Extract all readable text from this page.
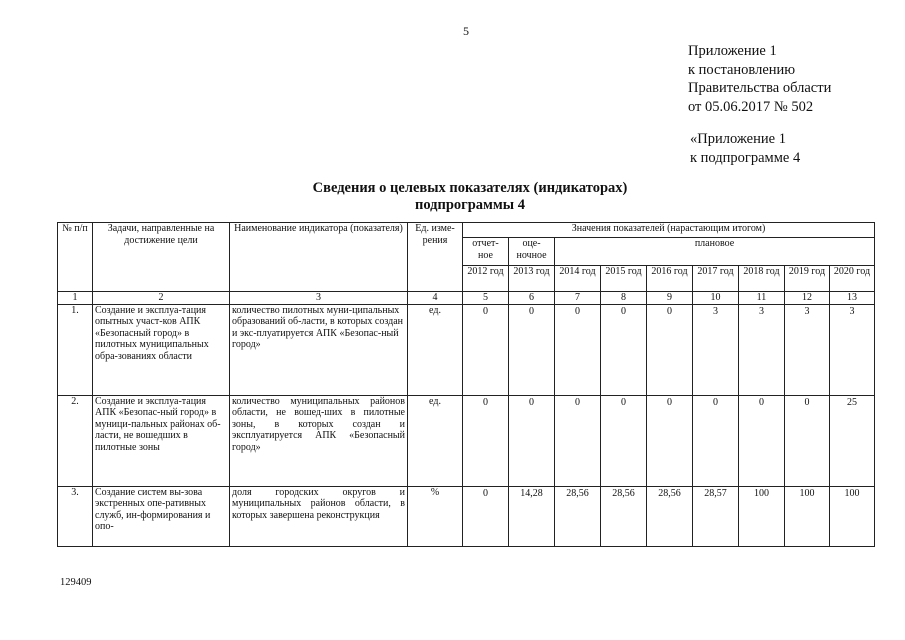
5
Приложение 1
к постановлению
Правительства области
от 05.06.2017 № 502
«Приложение 1
к подпрограмме 4
Сведения о целевых показателях (индикаторах)
подпрограммы 4
№ п/п	Задачи, направленные на достижение цели	Наименование индикатора (показателя)	Ед. изме-рения	Значения показателей (нарастающим итогом)								
				отчет-ное	оце-ночное	плановое						
				2012 год	2013 год	2014 год	2015 год	2016 год	2017 год	2018 год	2019 год	2020 год
1	2	3	4	5	6	7	8	9	10	11	12	13
1.	Создание и эксплуа-тация опытных участ-ков АПК «Безопасный город» в пилотных муниципальных обра-зованиях области	количество пилотных муни-ципальных образований об-ласти, в которых создан и экс-плуатируется АПК «Безопас-ный город»	ед.	0	0	0	0	0	3	3	3	3
2.	Создание и эксплуа-тация АПК «Безопас-ный город» в муници-пальных районах об-ласти, не вошедших в пилотные зоны	количество муниципальных районов области, не вошед-ших в пилотные зоны, в которых создан и эксплуатируется АПК «Безопасный город»	ед.	0	0	0	0	0	0	0	0	25
3.	Создание систем вы-зова экстренных опе-ративных служб, ин-формирования и опо-	доля городских округов и муниципальных районов области, в которых завершена реконструкция	%	0	14,28	28,56	28,56	28,56	28,57	100	100	100
129409
